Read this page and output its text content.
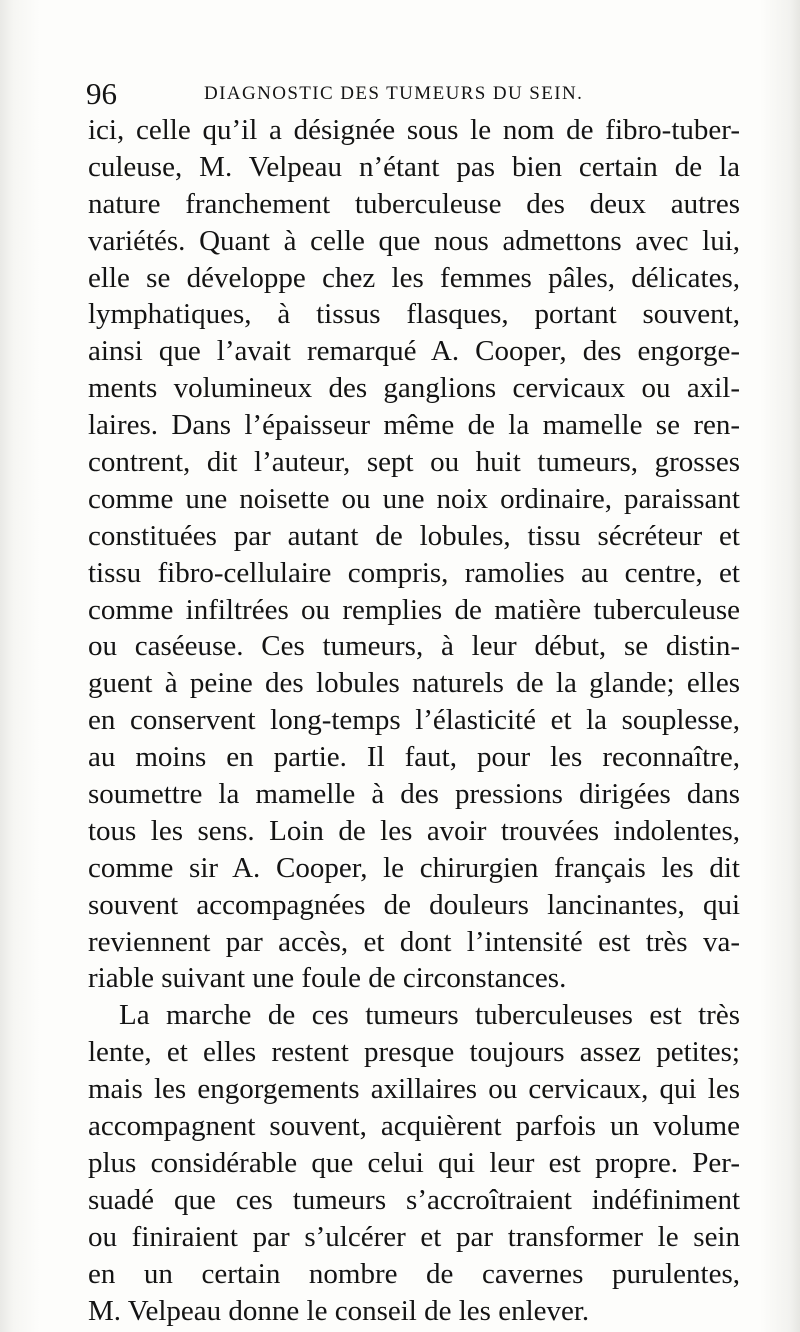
96	DIAGNOSTIC DES TUMEURS DU SEIN.
ici, celle qu’il a désignée sous le nom de fibro-tuber-
culeuse, M. Velpeau n’étant pas bien certain de la
nature franchement tuberculeuse des deux autres
variétés. Quant à celle que nous admettons avec lui,
elle se développe chez les femmes pâles, délicates,
lymphatiques, à tissus flasques, portant souvent,
ainsi que l’avait remarqué A. Cooper, des engorge-
ments volumineux des ganglions cervicaux ou axil-
laires. Dans l’épaisseur même de la mamelle se ren-
contrent, dit l’auteur, sept ou huit tumeurs, grosses
comme une noisette ou une noix ordinaire, paraissant
constituées par autant de lobules, tissu sécréteur et
tissu fibro-cellulaire compris, ramolies au centre, et
comme infiltrées ou remplies de matière tuberculeuse
ou caséeuse. Ces tumeurs, à leur début, se distin-
guent à peine des lobules naturels de la glande; elles
en conservent long-temps l’élasticité et la souplesse,
au moins en partie. Il faut, pour les reconnaître,
soumettre la mamelle à des pressions dirigées dans
tous les sens. Loin de les avoir trouvées indolentes,
comme sir A. Cooper, le chirurgien français les dit
souvent accompagnées de douleurs lancinantes, qui
reviennent par accès, et dont l’intensité est très va-
riable suivant une foule de circonstances.
La marche de ces tumeurs tuberculeuses est très
lente, et elles restent presque toujours assez petites;
mais les engorgements axillaires ou cervicaux, qui les
accompagnent souvent, acquièrent parfois un volume
plus considérable que celui qui leur est propre. Per-
suadé que ces tumeurs s’accroîtraient indéfiniment
ou finiraient par s’ulcérer et par transformer le sein
en un certain nombre de cavernes purulentes,
M. Velpeau donne le conseil de les enlever.
